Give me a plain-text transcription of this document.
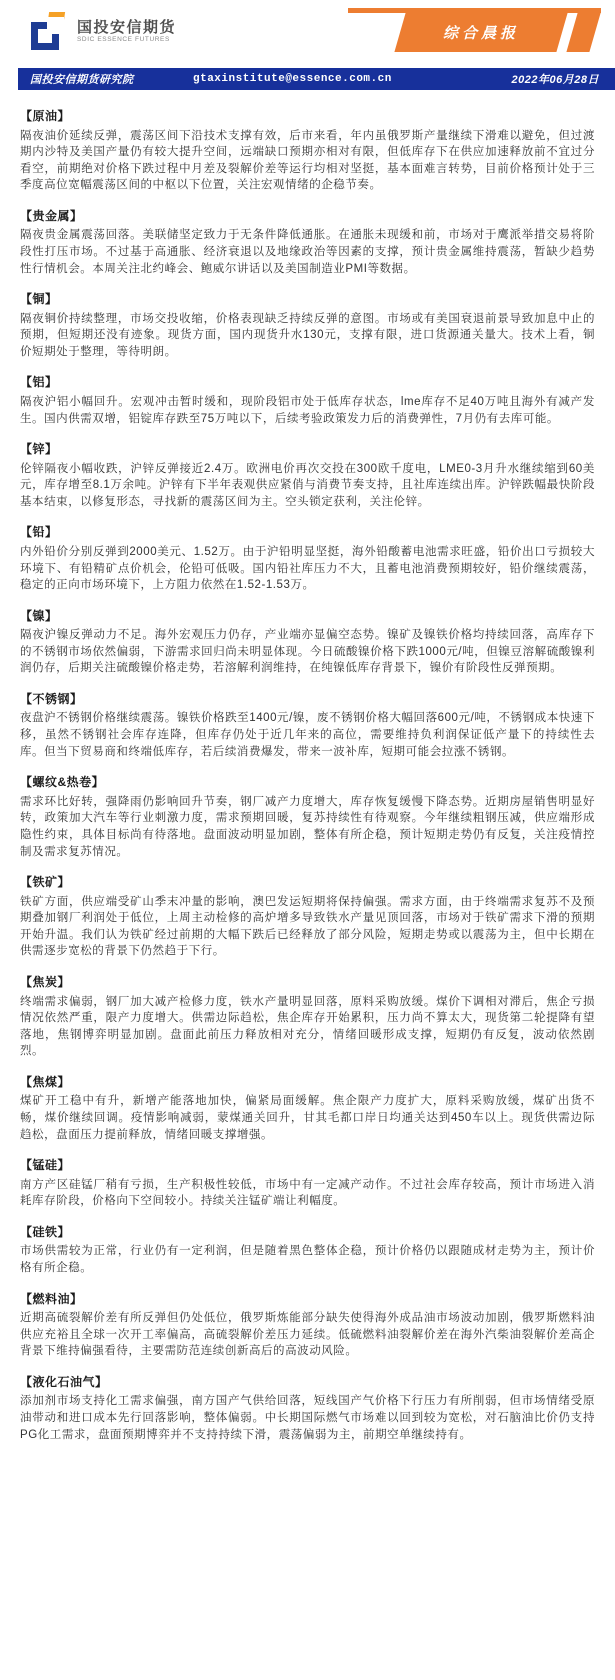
国投安信期货
SDIC ESSENCE FUTURES	综合晨报
国投安信期货研究院	gtaxinstitute@essence.com.cn	2022年06月28日
【原油】

隔夜油价延续反弹，震荡区间下沿技术支撑有效，后市来看，年内虽俄罗斯产量继续下滑难以避免，但过渡期内沙特及美国产量仍有较大提升空间，远端缺口预期亦相对有限，但低库存下在供应加速释放前不宜过分看空，前期绝对价格下跌过程中月差及裂解价差等运行均相对坚挺，基本面难言转势，目前价格预计处于三季度高位宽幅震荡区间的中枢以下位置，关注宏观情绪的企稳节奏。

【贵金属】

隔夜贵金属震荡回落。美联储坚定致力于无条件降低通胀。在通胀未现缓和前，市场对于鹰派举措交易将阶段性打压市场。不过基于高通胀、经济衰退以及地缘政治等因素的支撑，预计贵金属维持震荡，暂缺少趋势性行情机会。本周关注北约峰会、鲍威尔讲话以及美国制造业PMI等数据。

【铜】

隔夜铜价持续整理，市场交投收缩，价格表现缺乏持续反弹的意图。市场或有美国衰退前景导致加息中止的预期，但短期还没有迹象。现货方面，国内现货升水130元，支撑有限，进口货源通关量大。技术上看，铜价短期处于整理，等待明朗。

【铝】

隔夜沪铝小幅回升。宏观冲击暂时缓和，现阶段铝市处于低库存状态，lme库存不足40万吨且海外有减产发生。国内供需双增，铝锭库存跌至75万吨以下，后续考验政策发力后的消费弹性，7月仍有去库可能。

【锌】

伦锌隔夜小幅收跌，沪锌反弹接近2.4万。欧洲电价再次交投在300欧千度电，LME0-3月升水继续缩到60美元，库存增至8.1万余吨。沪锌有下半年表观供应紧俏与消费节奏支持，且社库连续出库。沪锌跌幅最快阶段基本结束，以修复形态，寻找新的震荡区间为主。空头锁定获利，关注伦锌。

【铅】

内外铅价分别反弹到2000美元、1.52万。由于沪铅明显坚挺，海外铅酸蓄电池需求旺盛，铅价出口亏损较大环境下、有铅精矿点价机会，伦铅可低吸。国内铅社库压力不大，且蓄电池消费预期较好，铅价继续震荡，稳定的正向市场环境下，上方阻力依然在1.52-1.53万。

【镍】

隔夜沪镍反弹动力不足。海外宏观压力仍存，产业端亦显偏空态势。镍矿及镍铁价格均持续回落，高库存下的不锈钢市场依然偏弱，下游需求回归尚未明显体现。今日硫酸镍价格下跌1000元/吨，但镍豆溶解硫酸镍利润仍存，后期关注硫酸镍价格走势，若溶解利润维持，在纯镍低库存背景下，镍价有阶段性反弹预期。

【不锈钢】

夜盘沪不锈钢价格继续震荡。镍铁价格跌至1400元/镍，废不锈钢价格大幅回落600元/吨，不锈钢成本快速下移，虽然不锈钢社会库存连降，但库存仍处于近几年来的高位，需要维持负利润保证低产量下的持续性去库。但当下贸易商和终端低库存，若后续消费爆发，带来一波补库，短期可能会拉涨不锈钢。

【螺纹&热卷】

需求环比好转，强降雨仍影响回升节奏，钢厂减产力度增大，库存恢复缓慢下降态势。近期房屋销售明显好转，政策加大汽车等行业刺激力度，需求预期回暖，复苏持续性有待观察。今年继续粗钢压减，供应端形成隐性约束，具体目标尚有待落地。盘面波动明显加剧，整体有所企稳，预计短期走势仍有反复，关注疫情控制及需求复苏情况。

【铁矿】

铁矿方面，供应端受矿山季末冲量的影响，澳巴发运短期将保持偏强。需求方面，由于终端需求复苏不及预期叠加钢厂利润处于低位，上周主动检修的高炉增多导致铁水产量见顶回落，市场对于铁矿需求下滑的预期开始升温。我们认为铁矿经过前期的大幅下跌后已经释放了部分风险，短期走势或以震荡为主，但中长期在供需逐步宽松的背景下仍然趋于下行。

【焦炭】

终端需求偏弱，钢厂加大减产检修力度，铁水产量明显回落，原料采购放缓。煤价下调相对滞后，焦企亏损情况依然严重，限产力度增大。供需边际趋松，焦企库存开始累积，压力尚不算太大，现货第二轮提降有望落地，焦钢博弈明显加剧。盘面此前压力释放相对充分，情绪回暖形成支撑，短期仍有反复，波动依然剧烈。

【焦煤】

煤矿开工稳中有升，新增产能落地加快，偏紧局面缓解。焦企限产力度扩大，原料采购放缓，煤矿出货不畅，煤价继续回调。疫情影响减弱，蒙煤通关回升，甘其毛都口岸日均通关达到450车以上。现货供需边际趋松，盘面压力提前释放，情绪回暖支撑增强。

【锰硅】

南方产区硅锰厂稍有亏损，生产积极性较低，市场中有一定减产动作。不过社会库存较高，预计市场进入消耗库存阶段，价格向下空间较小。持续关注锰矿端让利幅度。

【硅铁】

市场供需较为正常，行业仍有一定利润，但是随着黑色整体企稳，预计价格仍以跟随成材走势为主，预计价格有所企稳。

【燃料油】

近期高硫裂解价差有所反弹但仍处低位，俄罗斯炼能部分缺失使得海外成品油市场波动加剧，俄罗斯燃料油供应充裕且全球一次开工率偏高，高硫裂解价差压力延续。低硫燃料油裂解价差在海外汽柴油裂解价差高企背景下维持偏强看待，主要需防范连续创新高后的高波动风险。

【液化石油气】

添加剂市场支持化工需求偏强，南方国产气供给回落，短线国产气价格下行压力有所削弱，但市场情绪受原油带动和进口成本先行回落影响，整体偏弱。中长期国际燃气市场难以回到较为宽松，对石脑油比价仍支持PG化工需求，盘面预期博弈并不支持持续下滑，震荡偏弱为主，前期空单继续持有。
